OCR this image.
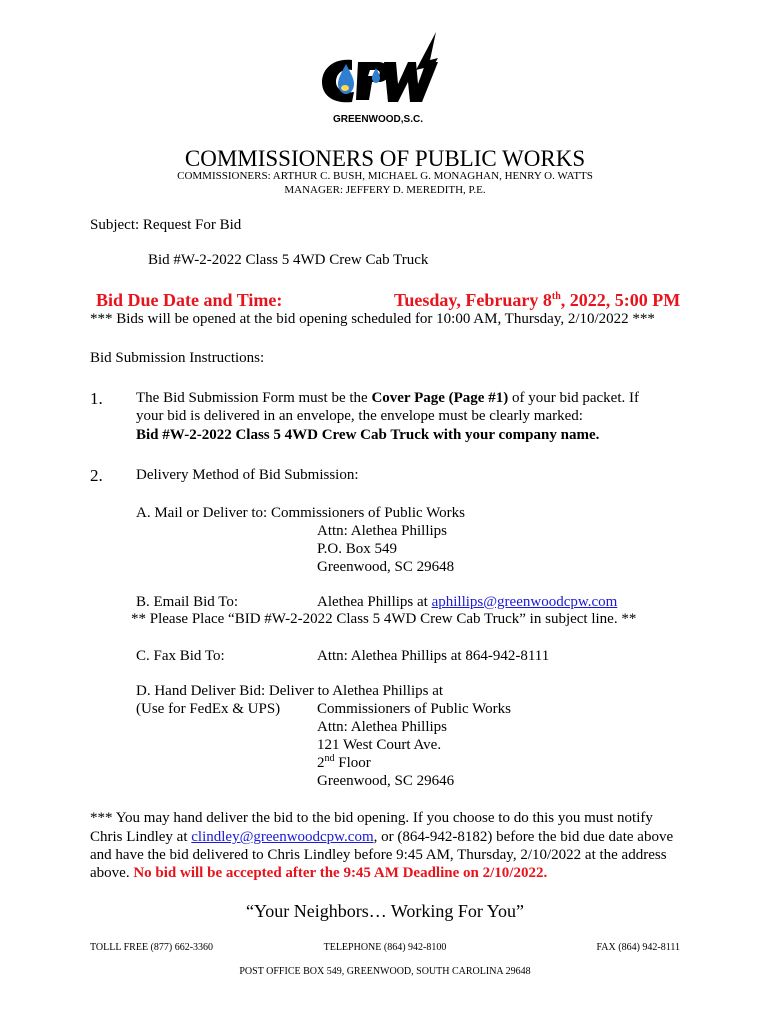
GREENWOOD,S.C.
COMMISSIONERS OF PUBLIC WORKS
COMMISSIONERS: ARTHUR C. BUSH, MICHAEL G. MONAGHAN, HENRY O. WATTS
MANAGER: JEFFERY D. MEREDITH, P.E.
Subject: Request For Bid
Bid #W-2-2022 Class 5 4WD Crew Cab Truck
Bid Due Date and Time:	Tuesday, February 8th, 2022, 5:00 PM
*** Bids will be opened at the bid opening scheduled for 10:00 AM, Thursday, 2/10/2022 ***
Bid Submission Instructions:
1. The Bid Submission Form must be the Cover Page (Page #1) of your bid packet. If
your bid is delivered in an envelope, the envelope must be clearly marked:
Bid #W-2-2022 Class 5 4WD Crew Cab Truck with your company name.
2. Delivery Method of Bid Submission:
A. Mail or Deliver to: Commissioners of Public Works
Attn: Alethea Phillips
P.O. Box 549
Greenwood, SC 29648
B. Email Bid To:	Alethea Phillips at aphillips@greenwoodcpw.com
** Please Place “BID #W-2-2022 Class 5 4WD Crew Cab Truck” in subject line. **
C. Fax Bid To:	Attn: Alethea Phillips at 864-942-8111
D. Hand Deliver Bid: Deliver to Alethea Phillips at
(Use for FedEx & UPS) Commissioners of Public Works
Attn: Alethea Phillips
121 West Court Ave.
2nd Floor
Greenwood, SC 29646
*** You may hand deliver the bid to the bid opening. If you choose to do this you must notify
Chris Lindley at clindley@greenwoodcpw.com, or (864-942-8182) before the bid due date above
and have the bid delivered to Chris Lindley before 9:45 AM, Thursday, 2/10/2022 at the address
above. No bid will be accepted after the 9:45 AM Deadline on 2/10/2022.
“Your Neighbors… Working For You”
TOLLL FREE (877) 662-3360	TELEPHONE (864) 942-8100	FAX (864) 942-8111
POST OFFICE BOX 549, GREENWOOD, SOUTH CAROLINA 29648
